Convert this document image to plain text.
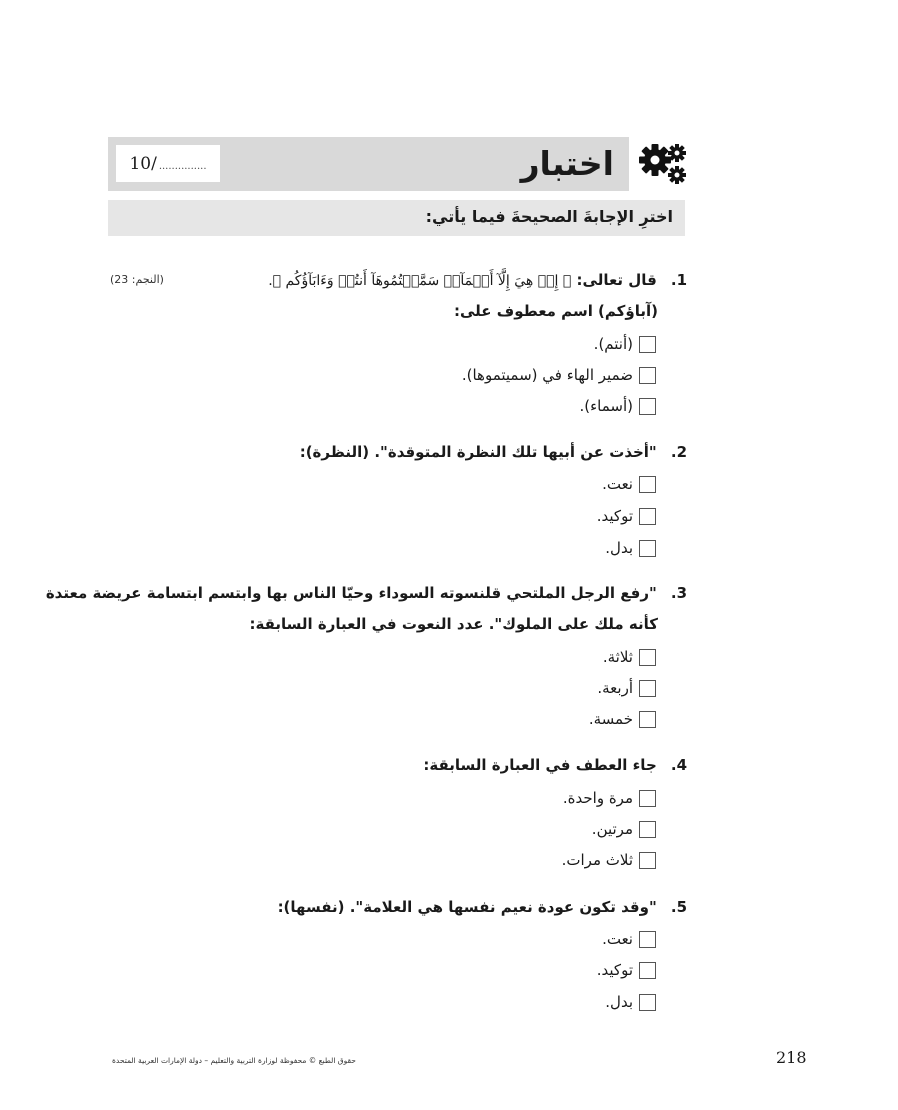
10/ ...............	اختبار
اخترِ الإجابةَ الصحيحةَ فيما يأتي:
1. قال تعالى: ﴿ إِنۡ هِيَ إِلَّآ أَسۡمَآءٞ سَمَّيۡتُمُوهَآ أَنتُمۡ وَءَابَآؤُكُم ﴾.
(النجم: 23)
(آباؤكم) اسم معطوف على:
(أنتم).
ضمير الهاء في (سميتموها).
(أسماء).
2. "أخذت عن أبيها تلك النظرة المتوقدة". (النظرة):
نعت.
توكيد.
بدل.
3. "رفع الرجل الملتحي قلنسوته السوداء وحيّا الناس بها وابتسم ابتسامة عريضة معتدة
كأنه ملك على الملوك". عدد النعوت في العبارة السابقة:
ثلاثة.
أربعة.
خمسة.
4. جاء العطف في العبارة السابقة:
مرة واحدة.
مرتين.
ثلاث مرات.
5. "وقد تكون عودة نعيم نفسها هي العلامة". (نفسها):
نعت.
توكيد.
بدل.
حقوق الطبع © محفوظة لوزارة التربية والتعليم – دولة الإمارات العربية المتحدة	218
